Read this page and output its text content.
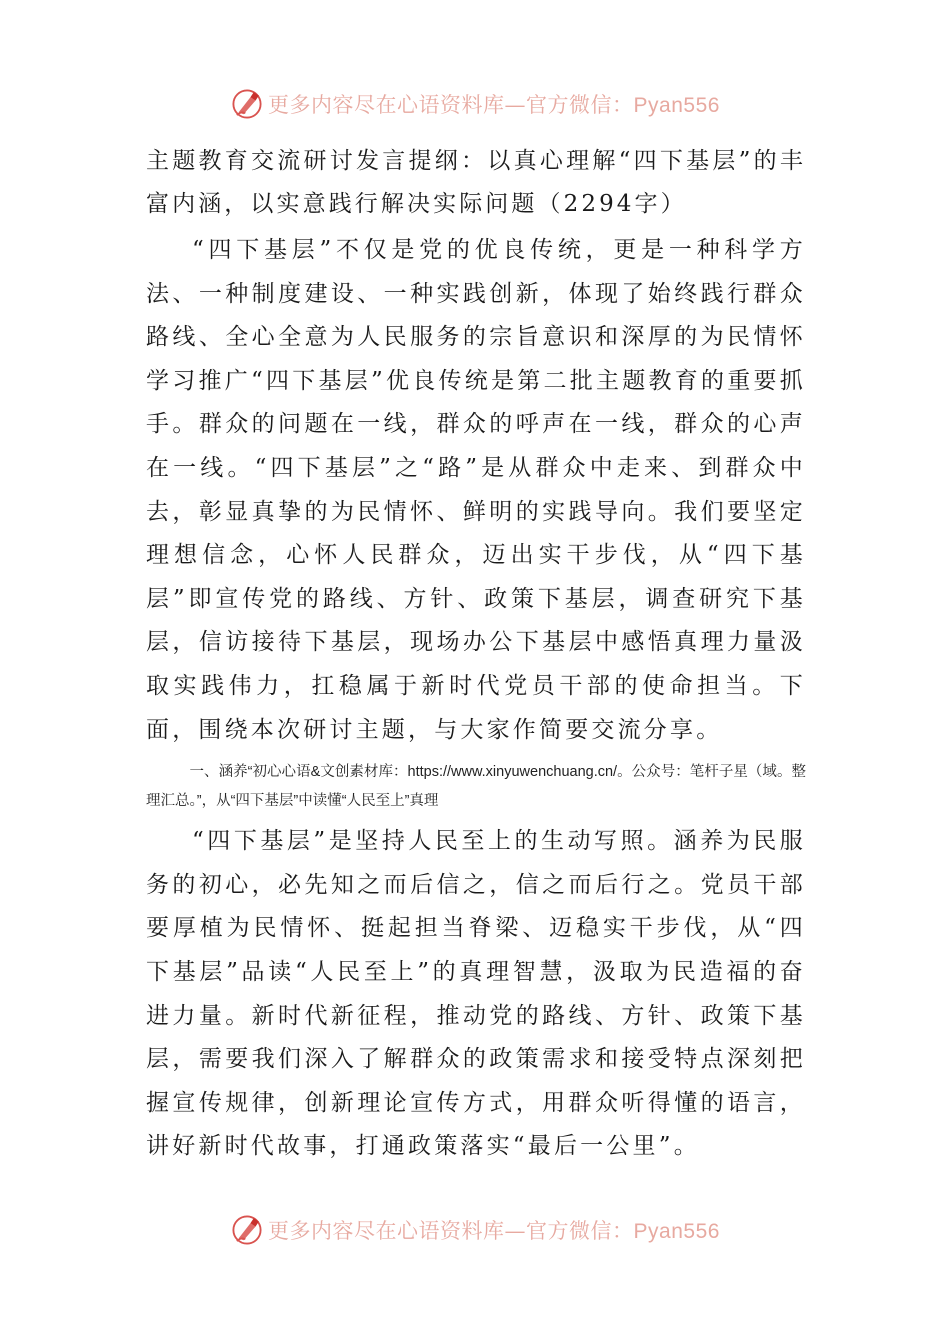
更多内容尽在心语资料库—官方微信：Pyan556

主题教育交流研讨发言提纲：以真心理解“四下基层”的丰富内涵，以实意践行解决实际问题（2294字）

“四下基层”不仅是党的优良传统，更是一种科学方法、一种制度建设、一种实践创新，体现了始终践行群众路线、全心全意为人民服务的宗旨意识和深厚的为民情怀学习推广“四下基层”优良传统是第二批主题教育的重要抓手。群众的问题在一线，群众的呼声在一线，群众的心声在一线。“四下基层”之“路”是从群众中走来、到群众中去，彰显真挚的为民情怀、鲜明的实践导向。我们要坚定理想信念，心怀人民群众，迈出实干步伐，从“四下基层”即宣传党的路线、方针、政策下基层，调查研究下基层，信访接待下基层，现场办公下基层中感悟真理力量汲取实践伟力，扛稳属于新时代党员干部的使命担当。下面，围绕本次研讨主题，与大家作简要交流分享。

一、涵养“初心心语&文创素材库：https://www.xinyuwenchuang.cn/。公众号：笔杆子星（域。整理汇总。”，从“四下基层”中读懂“人民至上”真理

“四下基层”是坚持人民至上的生动写照。涵养为民服务的初心，必先知之而后信之，信之而后行之。党员干部要厚植为民情怀、挺起担当脊梁、迈稳实干步伐，从“四下基层”品读“人民至上”的真理智慧，汲取为民造福的奋进力量。新时代新征程，推动党的路线、方针、政策下基层，需要我们深入了解群众的政策需求和接受特点深刻把握宣传规律，创新理论宣传方式，用群众听得懂的语言，讲好新时代故事，打通政策落实“最后一公里”。

更多内容尽在心语资料库—官方微信：Pyan556
